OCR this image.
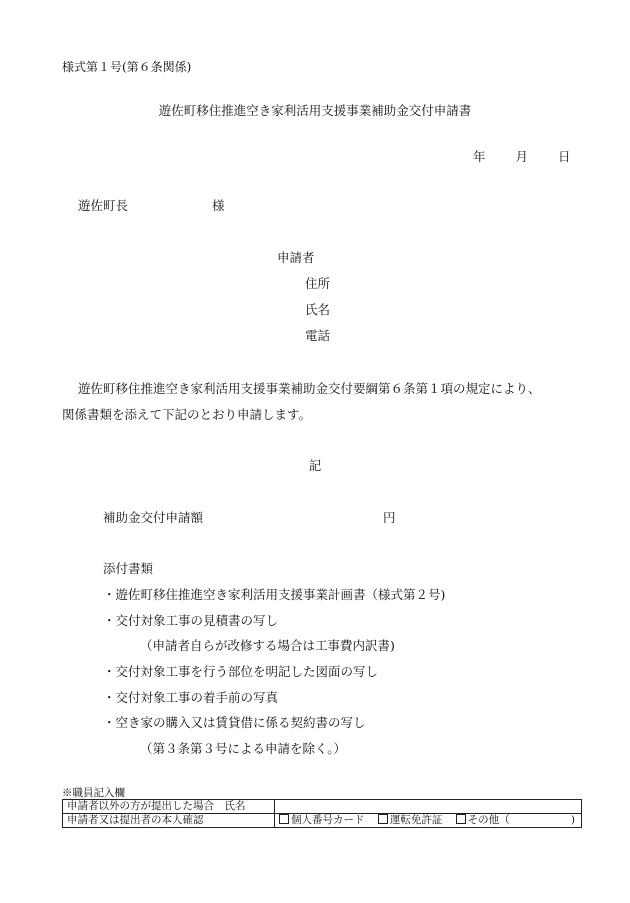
様式第１号(第６条関係)
遊佐町移住推進空き家利活用支援事業補助金交付申請書
年 月 日
遊佐町長	様
申請者
住所
氏名
電話
遊佐町移住推進空き家利活用支援事業補助金交付要綱第６条第１項の規定により、
関係書類を添えて下記のとおり申請します。
記
補助金交付申請額	円
添付書類
・遊佐町移住推進空き家利活用支援事業計画書（様式第２号)
・交付対象工事の見積書の写し
（申請者自らが改修する場合は工事費内訳書)
・交付対象工事を行う部位を明記した図面の写し
・交付対象工事の着手前の写真
・空き家の購入又は賃貸借に係る契約書の写し
（第３条第３号による申請を除く。）
※職員記入欄
申請者以外の方が提出した場合　氏名	
申請者又は提出者の本人確認	個人番号カード 運転免許証 その他（ )
